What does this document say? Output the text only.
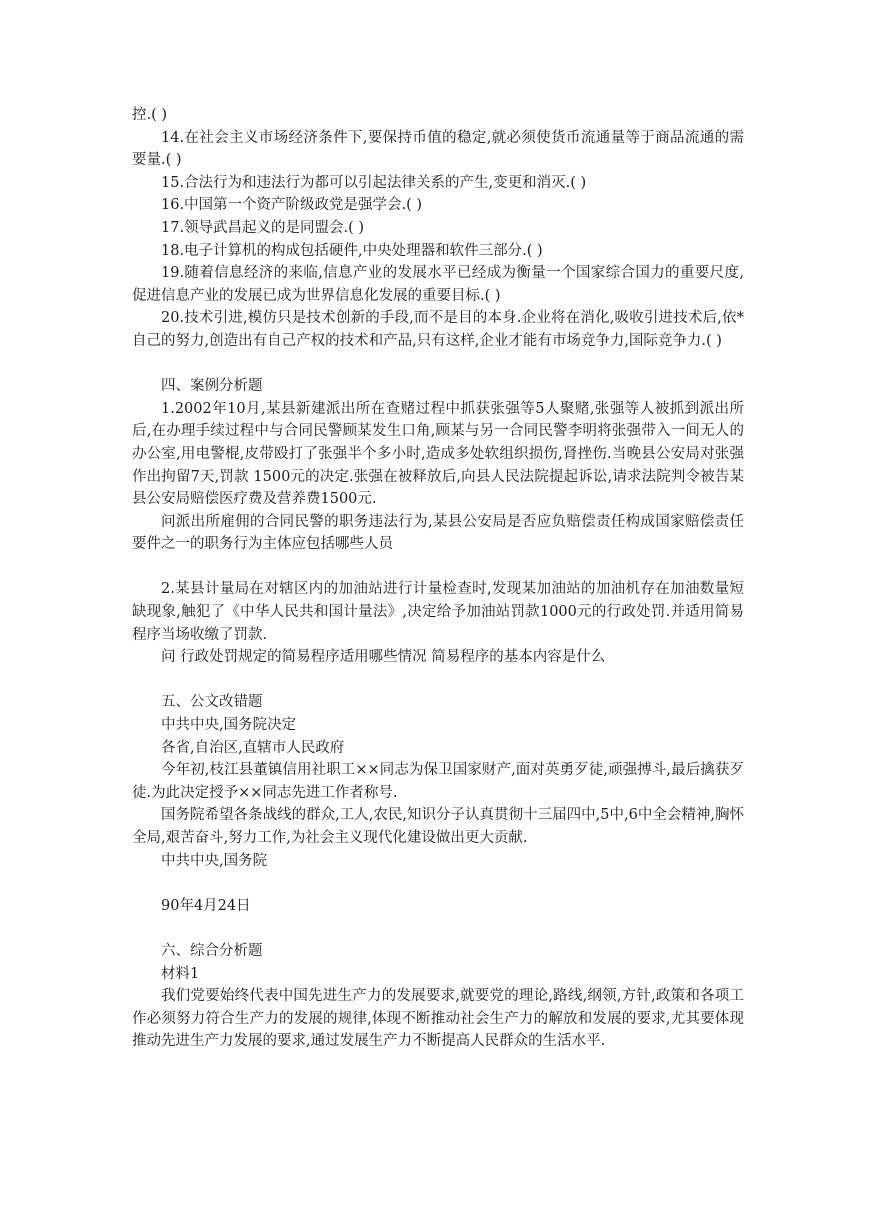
控.( )

14.在社会主义市场经济条件下,要保持币值的稳定,就必须使货币流通量等于商品流通的需要量.( )

15.合法行为和违法行为都可以引起法律关系的产生,变更和消灭.( )

16.中国第一个资产阶级政党是强学会.( )

17.领导武昌起义的是同盟会.( )

18.电子计算机的构成包括硬件,中央处理器和软件三部分.( )

19.随着信息经济的来临,信息产业的发展水平已经成为衡量一个国家综合国力的重要尺度,促进信息产业的发展已成为世界信息化发展的重要目标.( )

20.技术引进,模仿只是技术创新的手段,而不是目的本身.企业将在消化,吸收引进技术后,依*自己的努力,创造出有自己产权的技术和产品,只有这样,企业才能有市场竞争力,国际竞争力.( )

四、案例分析题

1.2002年10月,某县新建派出所在查赌过程中抓获张强等5人聚赌,张强等人被抓到派出所后,在办理手续过程中与合同民警顾某发生口角,顾某与另一合同民警李明将张强带入一间无人的办公室,用电警棍,皮带殴打了张强半个多小时,造成多处软组织损伤,肾挫伤.当晚县公安局对张强作出拘留7天,罚款 1500元的决定.张强在被释放后,向县人民法院提起诉讼,请求法院判令被告某县公安局赔偿医疗费及营养费1500元.

问派出所雇佣的合同民警的职务违法行为,某县公安局是否应负赔偿责任构成国家赔偿责任要件之一的职务行为主体应包括哪些人员

2.某县计量局在对辖区内的加油站进行计量检查时,发现某加油站的加油机存在加油数量短缺现象,触犯了《中华人民共和国计量法》,决定给予加油站罚款1000元的行政处罚.并适用简易程序当场收缴了罚款.

问 行政处罚规定的简易程序适用哪些情况 简易程序的基本内容是什么

五、公文改错题

中共中央,国务院决定

各省,自治区,直辖市人民政府

今年初,枝江县董镇信用社职工××同志为保卫国家财产,面对英勇歹徒,顽强搏斗,最后擒获歹徒.为此决定授予××同志先进工作者称号.

国务院希望各条战线的群众,工人,农民,知识分子认真贯彻十三届四中,5中,6中全会精神,胸怀全局,艰苦奋斗,努力工作,为社会主义现代化建设做出更大贡献.

中共中央,国务院

90年4月24日

六、综合分析题

材料1

我们党要始终代表中国先进生产力的发展要求,就要党的理论,路线,纲领,方针,政策和各项工作必须努力符合生产力的发展的规律,体现不断推动社会生产力的解放和发展的要求,尤其要体现推动先进生产力发展的要求,通过发展生产力不断提高人民群众的生活水平.
